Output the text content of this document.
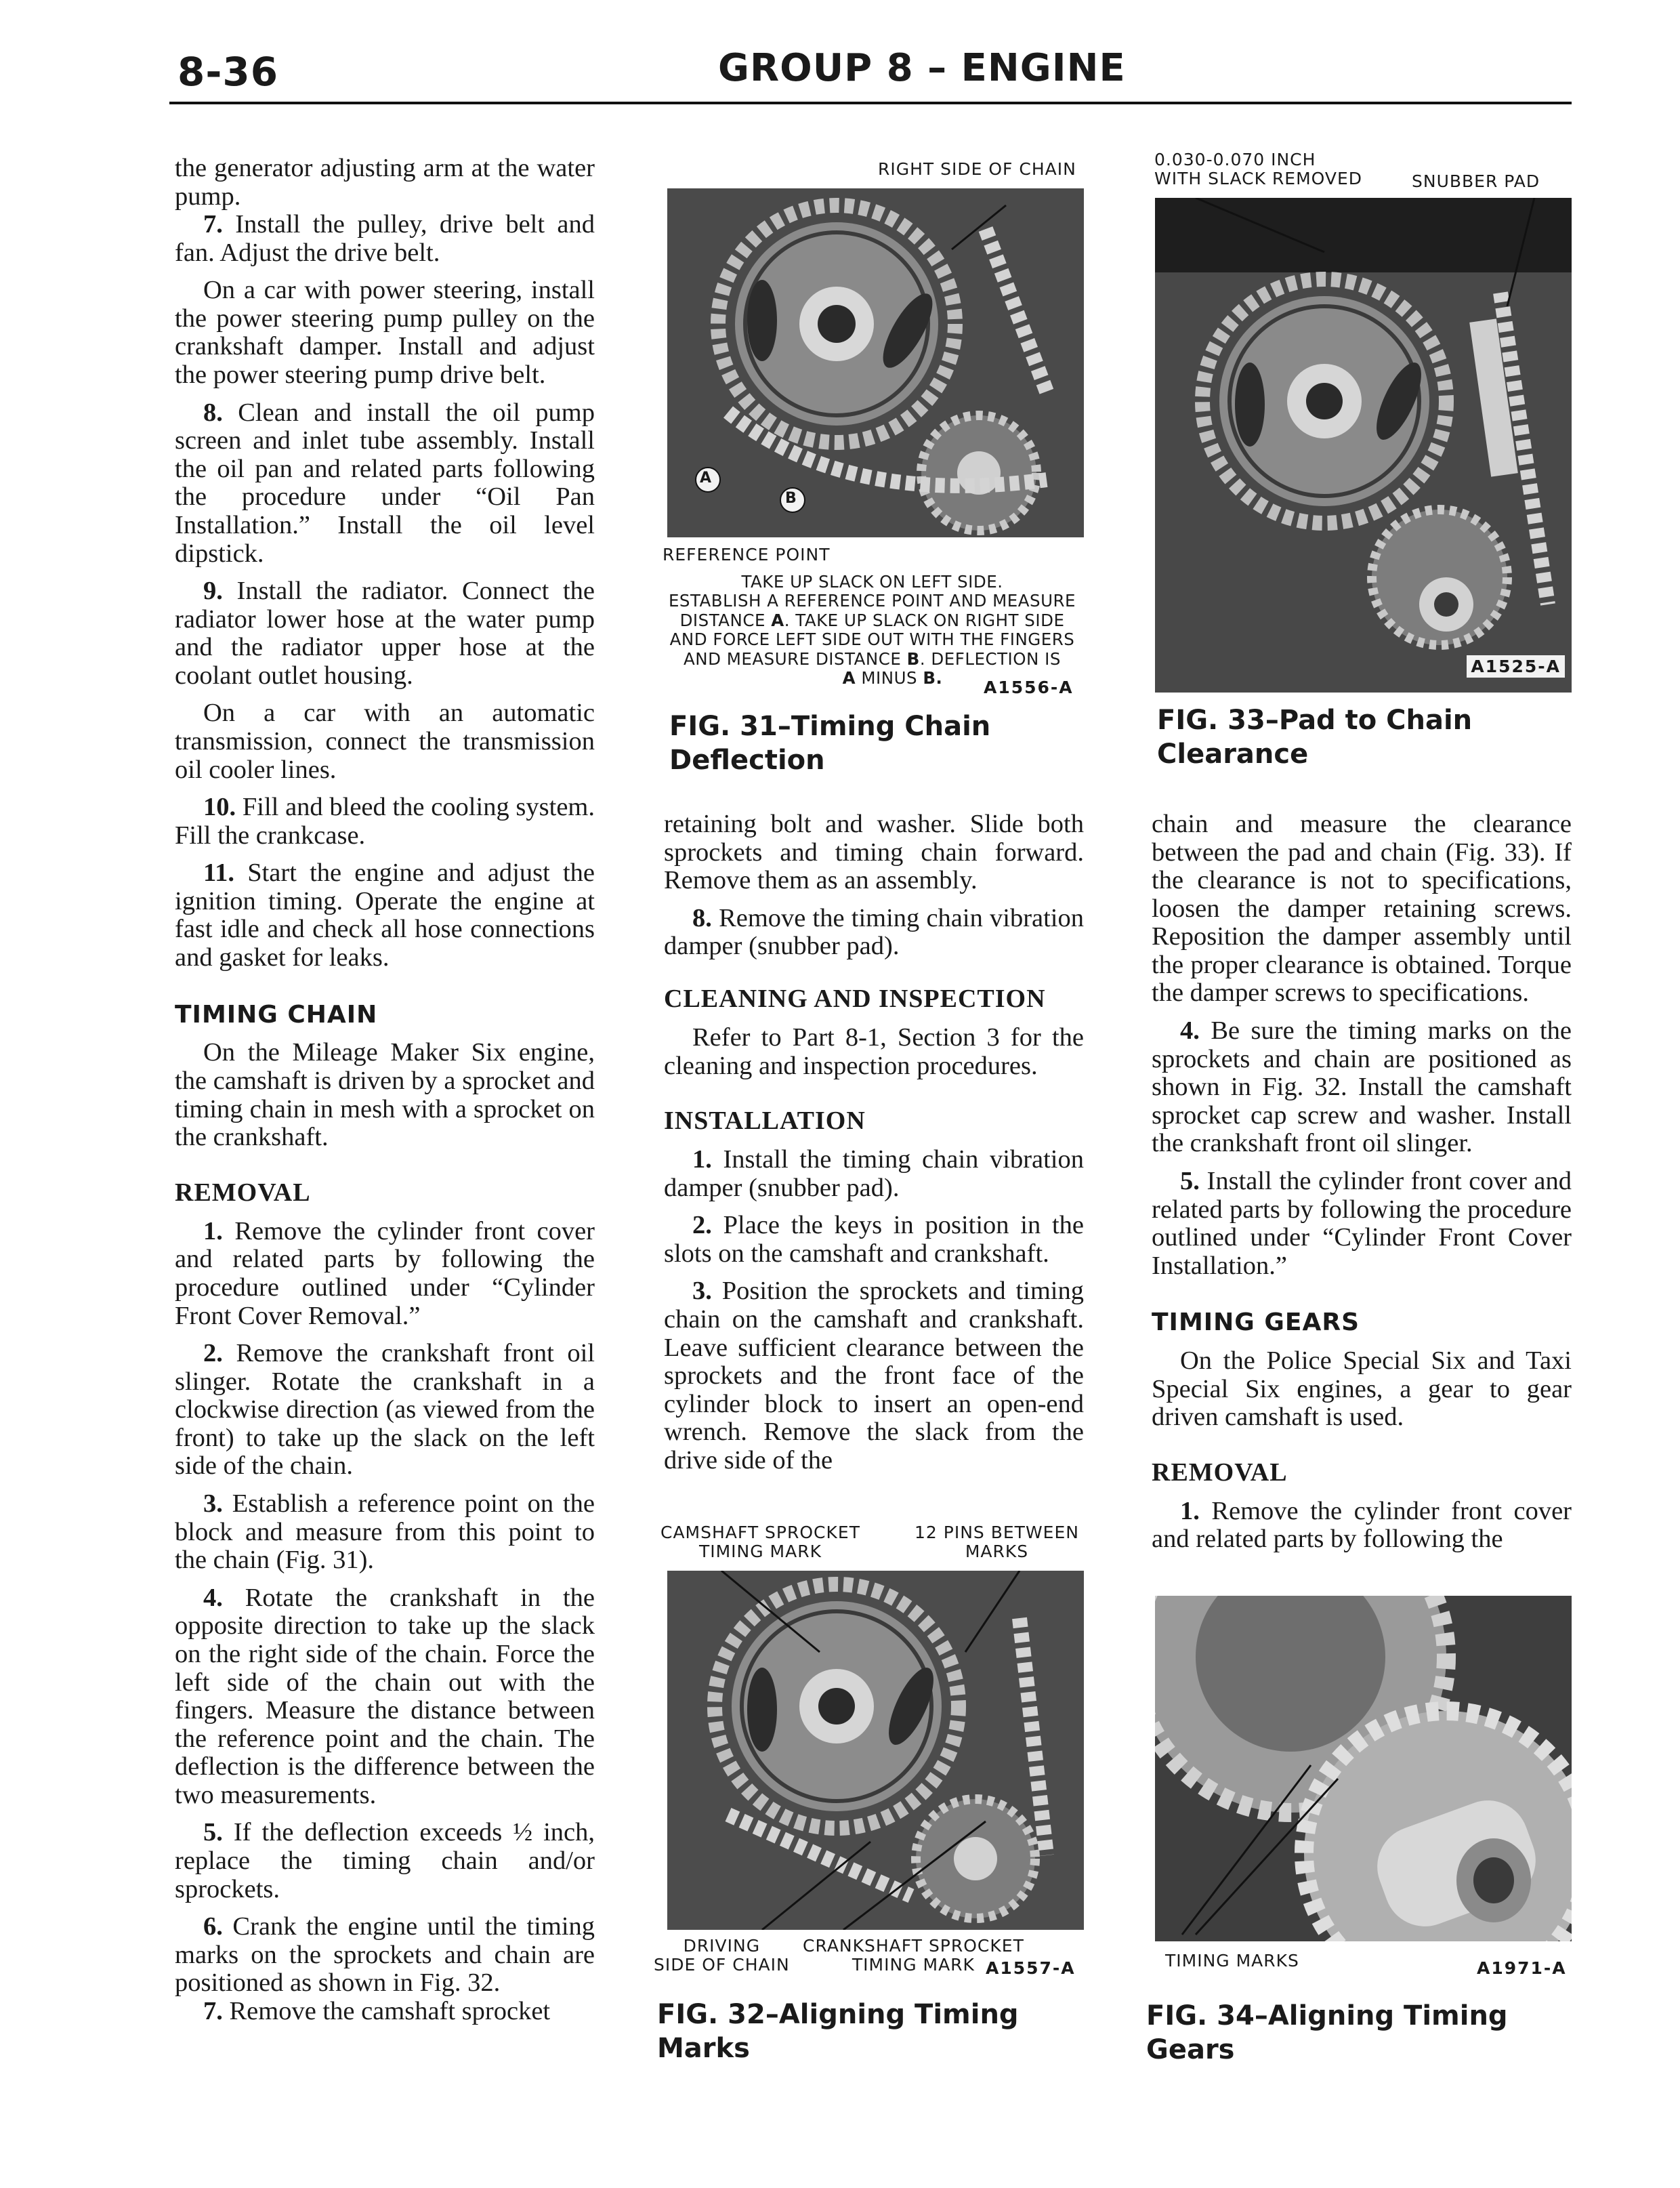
8-36	GROUP 8 – ENGINE

the generator adjusting arm at the water pump.

7. Install the pulley, drive belt and fan. Adjust the drive belt.

On a car with power steering, install the power steering pump pulley on the crankshaft damper. Install and adjust the power steering pump drive belt.

8. Clean and install the oil pump screen and inlet tube assembly. Install the oil pan and related parts following the procedure under “Oil Pan Installation.” Install the oil level dipstick.

9. Install the radiator. Connect the radiator lower hose at the water pump and the radiator upper hose at the coolant outlet housing.

On a car with an automatic transmission, connect the transmission oil cooler lines.

10. Fill and bleed the cooling system. Fill the crankcase.

11. Start the engine and adjust the ignition timing. Operate the engine at fast idle and check all hose connections and gasket for leaks.

TIMING CHAIN

On the Mileage Maker Six engine, the camshaft is driven by a sprocket and timing chain in mesh with a sprocket on the crankshaft.

REMOVAL

1. Remove the cylinder front cover and related parts by following the procedure outlined under “Cylinder Front Cover Removal.”

2. Remove the crankshaft front oil slinger. Rotate the crankshaft in a clockwise direction (as viewed from the front) to take up the slack on the left side of the chain.

3. Establish a reference point on the block and measure from this point to the chain (Fig. 31).

4. Rotate the crankshaft in the opposite direction to take up the slack on the right side of the chain. Force the left side of the chain out with the fingers. Measure the distance between the reference point and the chain. The deflection is the difference between the two measurements.

5. If the deflection exceeds ½ inch, replace the timing chain and/or sprockets.

6. Crank the engine until the timing marks on the sprockets and chain are positioned as shown in Fig. 32.

7. Remove the camshaft sprocket

RIGHT SIDE OF CHAIN
A
B
REFERENCE POINT
TAKE UP SLACK ON LEFT SIDE.
ESTABLISH A REFERENCE POINT AND MEASURE
DISTANCE A. TAKE UP SLACK ON RIGHT SIDE
AND FORCE LEFT SIDE OUT WITH THE FINGERS
AND MEASURE DISTANCE B. DEFLECTION IS
A MINUS B.	A1556-A
FIG. 31–Timing Chain Deflection

retaining bolt and washer. Slide both sprockets and timing chain forward. Remove them as an assembly.

8. Remove the timing chain vibration damper (snubber pad).

CLEANING AND INSPECTION

Refer to Part 8-1, Section 3 for the cleaning and inspection procedures.

INSTALLATION

1. Install the timing chain vibration damper (snubber pad).

2. Place the keys in position in the slots on the camshaft and crankshaft.

3. Position the sprockets and timing chain on the camshaft and crankshaft. Leave sufficient clearance between the sprockets and the front face of the cylinder block to insert an open-end wrench. Remove the slack from the drive side of the

CAMSHAFT SPROCKET
TIMING MARK
12 PINS BETWEEN
MARKS
DRIVING
SIDE OF CHAIN
CRANKSHAFT SPROCKET
TIMING MARK A1557-A
FIG. 32–Aligning Timing Marks
0.030-0.070 INCH
WITH SLACK REMOVED	SNUBBER PAD
A1525-A
FIG. 33–Pad to Chain Clearance

chain and measure the clearance between the pad and chain (Fig. 33). If the clearance is not to specifications, loosen the damper retaining screws. Reposition the damper assembly until the proper clearance is obtained. Torque the damper screws to specifications.

4. Be sure the timing marks on the sprockets and chain are positioned as shown in Fig. 32. Install the camshaft sprocket cap screw and washer. Install the crankshaft front oil slinger.

5. Install the cylinder front cover and related parts by following the procedure outlined under “Cylinder Front Cover Installation.”

TIMING GEARS

On the Police Special Six and Taxi Special Six engines, a gear to gear driven camshaft is used.

REMOVAL

1. Remove the cylinder front cover and related parts by following the

TIMING MARKS	A1971-A
FIG. 34–Aligning Timing Gears
